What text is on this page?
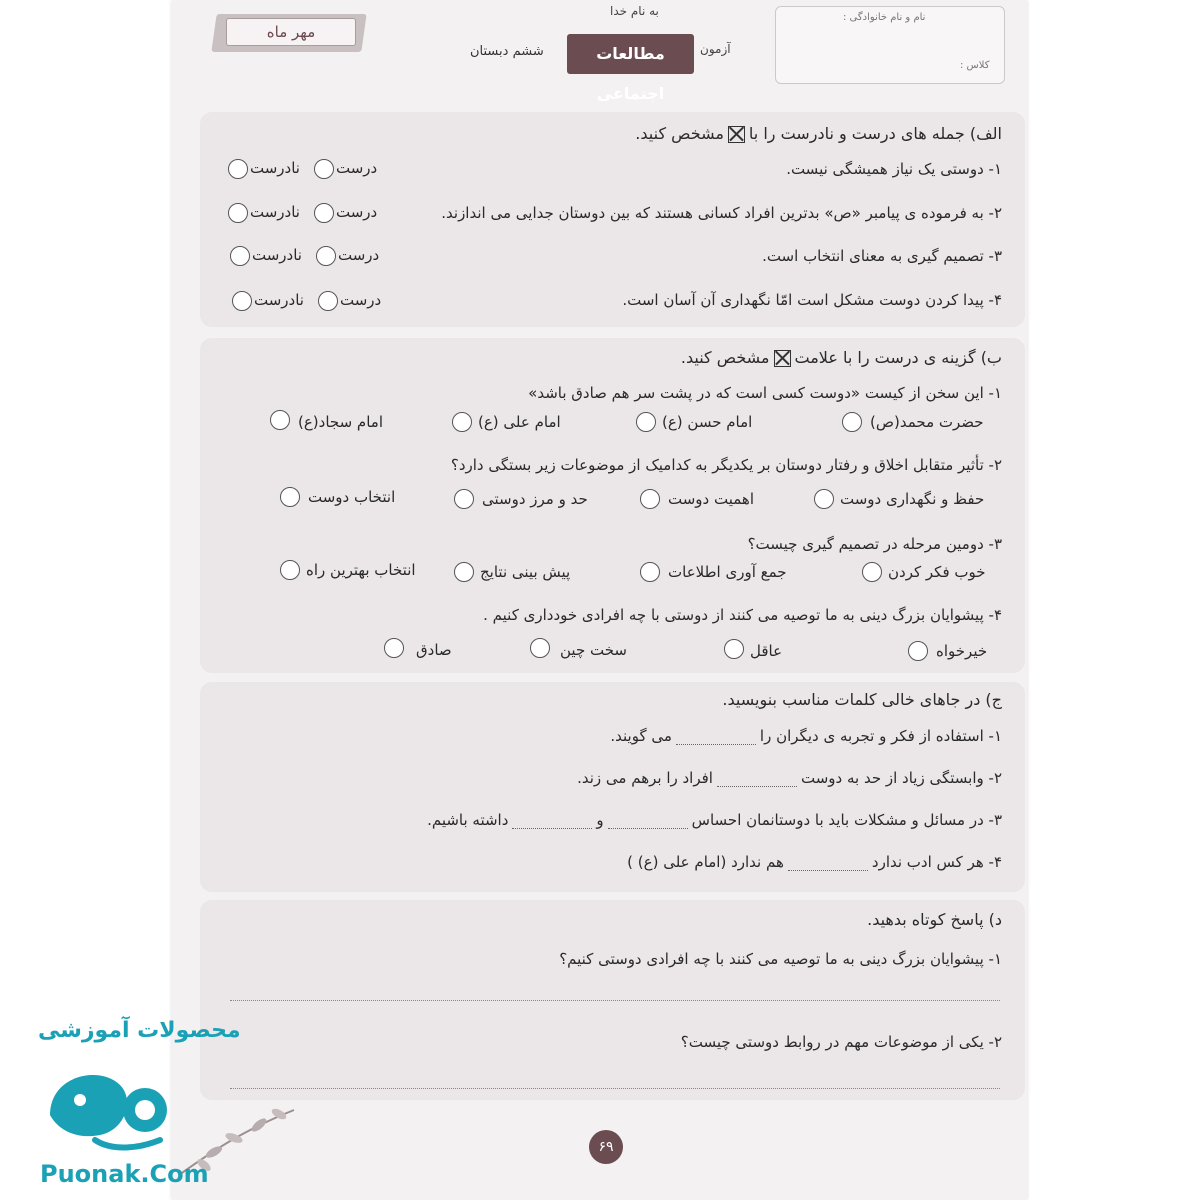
به نام خدا
مهر ماه
مطالعات اجتماعی
آزمون
ششم دبستان
نام و نام خانوادگی :
کلاس :
الف) جمله های درست و نادرست را بامشخص کنید.
۱- دوستی یک نیاز همیشگی نیست.
۲- به فرموده ی پیامبر «ص» بدترین افراد کسانی هستند که بین دوستان جدایی می اندازند.
۳- تصمیم گیری به معنای انتخاب است.
۴- پیدا کردن دوست مشکل است امّا نگهداری آن آسان است.
درست
نادرست
درست
نادرست
درست
نادرست
درست
نادرست
ب) گزینه ی درست را با علامتمشخص کنید.
۱- این سخن از کیست «دوست کسی است که در پشت سر هم صادق باشد»
حضرت محمد(ص)
امام حسن (ع)
امام علی (ع)
امام سجاد(ع)
۲- تأثیر متقابل اخلاق و رفتار دوستان بر یکدیگر به کدامیک از موضوعات زیر بستگی دارد؟
حفظ و نگهداری دوست
اهمیت دوست
حد و مرز دوستی
انتخاب دوست
۳- دومین مرحله در تصمیم گیری چیست؟
خوب فکر کردن
جمع آوری اطلاعات
پیش بینی نتایج
انتخاب بهترین راه
۴- پیشوایان بزرگ دینی به ما توصیه می کنند از دوستی با چه افرادی خودداری کنیم .
خیرخواه
عاقل
سخت چین
صادق
ج) در جاهای خالی کلمات مناسب بنویسید.
۱- استفاده از فکر و تجربه ی دیگران رامی گویند.
۲- وابستگی زیاد از حد به دوستافراد را برهم می زند.
۳- در مسائل و مشکلات باید با دوستانمان احساسوداشته باشیم.
۴- هر کس ادب نداردهم ندارد (امام علی (ع) )
د) پاسخ کوتاه بدهید.
۱- پیشوایان بزرگ دینی به ما توصیه می کنند با چه افرادی دوستی کنیم؟
۲- یکی از موضوعات مهم در روابط دوستی چیست؟
۶۹
محصولات آموزشی
Puonak.Com
